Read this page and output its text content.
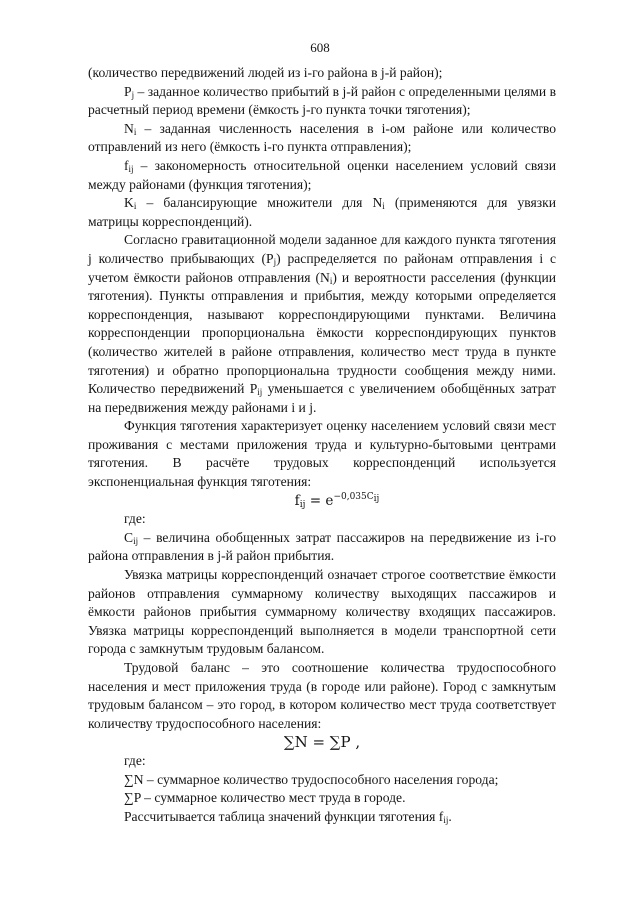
608

(количество передвижений людей из i-го района в j-й район);

$P_j$ – заданное количество прибытий в j-й район с определенными целями в расчетный период времени (ёмкость j-го пункта точки тяготения);

$N_i$ – заданная численность населения в i-ом районе или количество отправлений из него (ёмкость i-го пункта отправления);

$f_{ij}$ – закономерность относительной оценки населением условий связи между районами (функция тяготения);

$K_i$ – балансирующие множители для $N_i$ (применяются для увязки матрицы корреспонденций).

Согласно гравитационной модели заданное для каждого пункта тяготения j количество прибывающих $(P_j)$ распределяется по районам отправления i с учетом ёмкости районов отправления $(N_i)$ и вероятности расселения (функции тяготения). Пункты отправления и прибытия, между которыми определяется корреспонденция, называют корреспондирующими пунктами. Величина корреспонденции пропорциональна ёмкости корреспондирующих пунктов (количество жителей в районе отправления, количество мест труда в пункте тяготения) и обратно пропорциональна трудности сообщения между ними. Количество передвижений $P_{ij}$ уменьшается с увеличением обобщённых затрат на передвижения между районами i и j.

Функция тяготения характеризует оценку населением условий связи мест проживания с местами приложения труда и культурно-бытовыми центрами тяготения. В расчёте трудовых корреспонденций используется экспоненциальная функция тяготения:

$f_{ij} = e^{-0,035C_{ij}}$

где:

$C_{ij}$ – величина обобщенных затрат пассажиров на передвижение из i-го района отправления в j-й район прибытия.

Увязка матрицы корреспонденций означает строгое соответствие ёмкости районов отправления суммарному количеству выходящих пассажиров и ёмкости районов прибытия суммарному количеству входящих пассажиров. Увязка матрицы корреспонденций выполняется в модели транспортной сети города с замкнутым трудовым балансом.

Трудовой баланс – это соотношение количества трудоспособного населения и мест приложения труда (в городе или районе). Город с замкнутым трудовым балансом – это город, в котором количество мест труда соответствует количеству трудоспособного населения:

∑N = ∑P ,

где:

∑N – суммарное количество трудоспособного населения города;

∑P – суммарное количество мест труда в городе.

Рассчитывается таблица значений функции тяготения $f_{ij}$.
